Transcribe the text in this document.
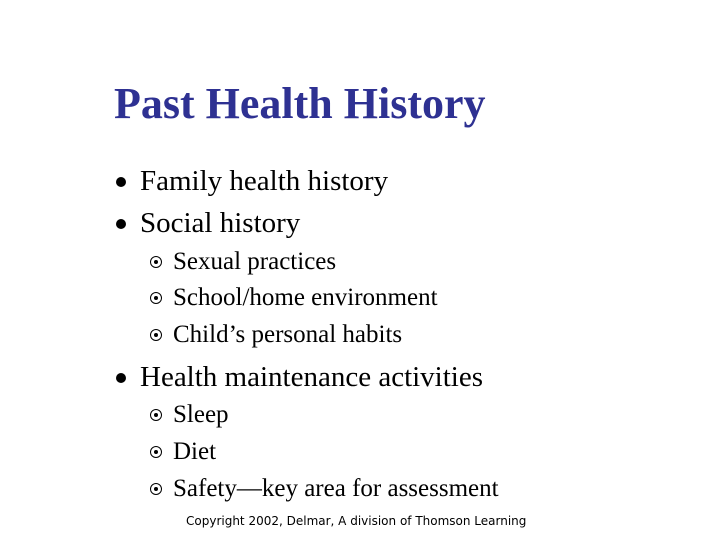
Past Health History
Family health history
Social history
Sexual practices
School/home environment
Child’s personal habits
Health maintenance activities
Sleep
Diet
Safety—key area for assessment
Copyright 2002, Delmar, A division of Thomson Learning
